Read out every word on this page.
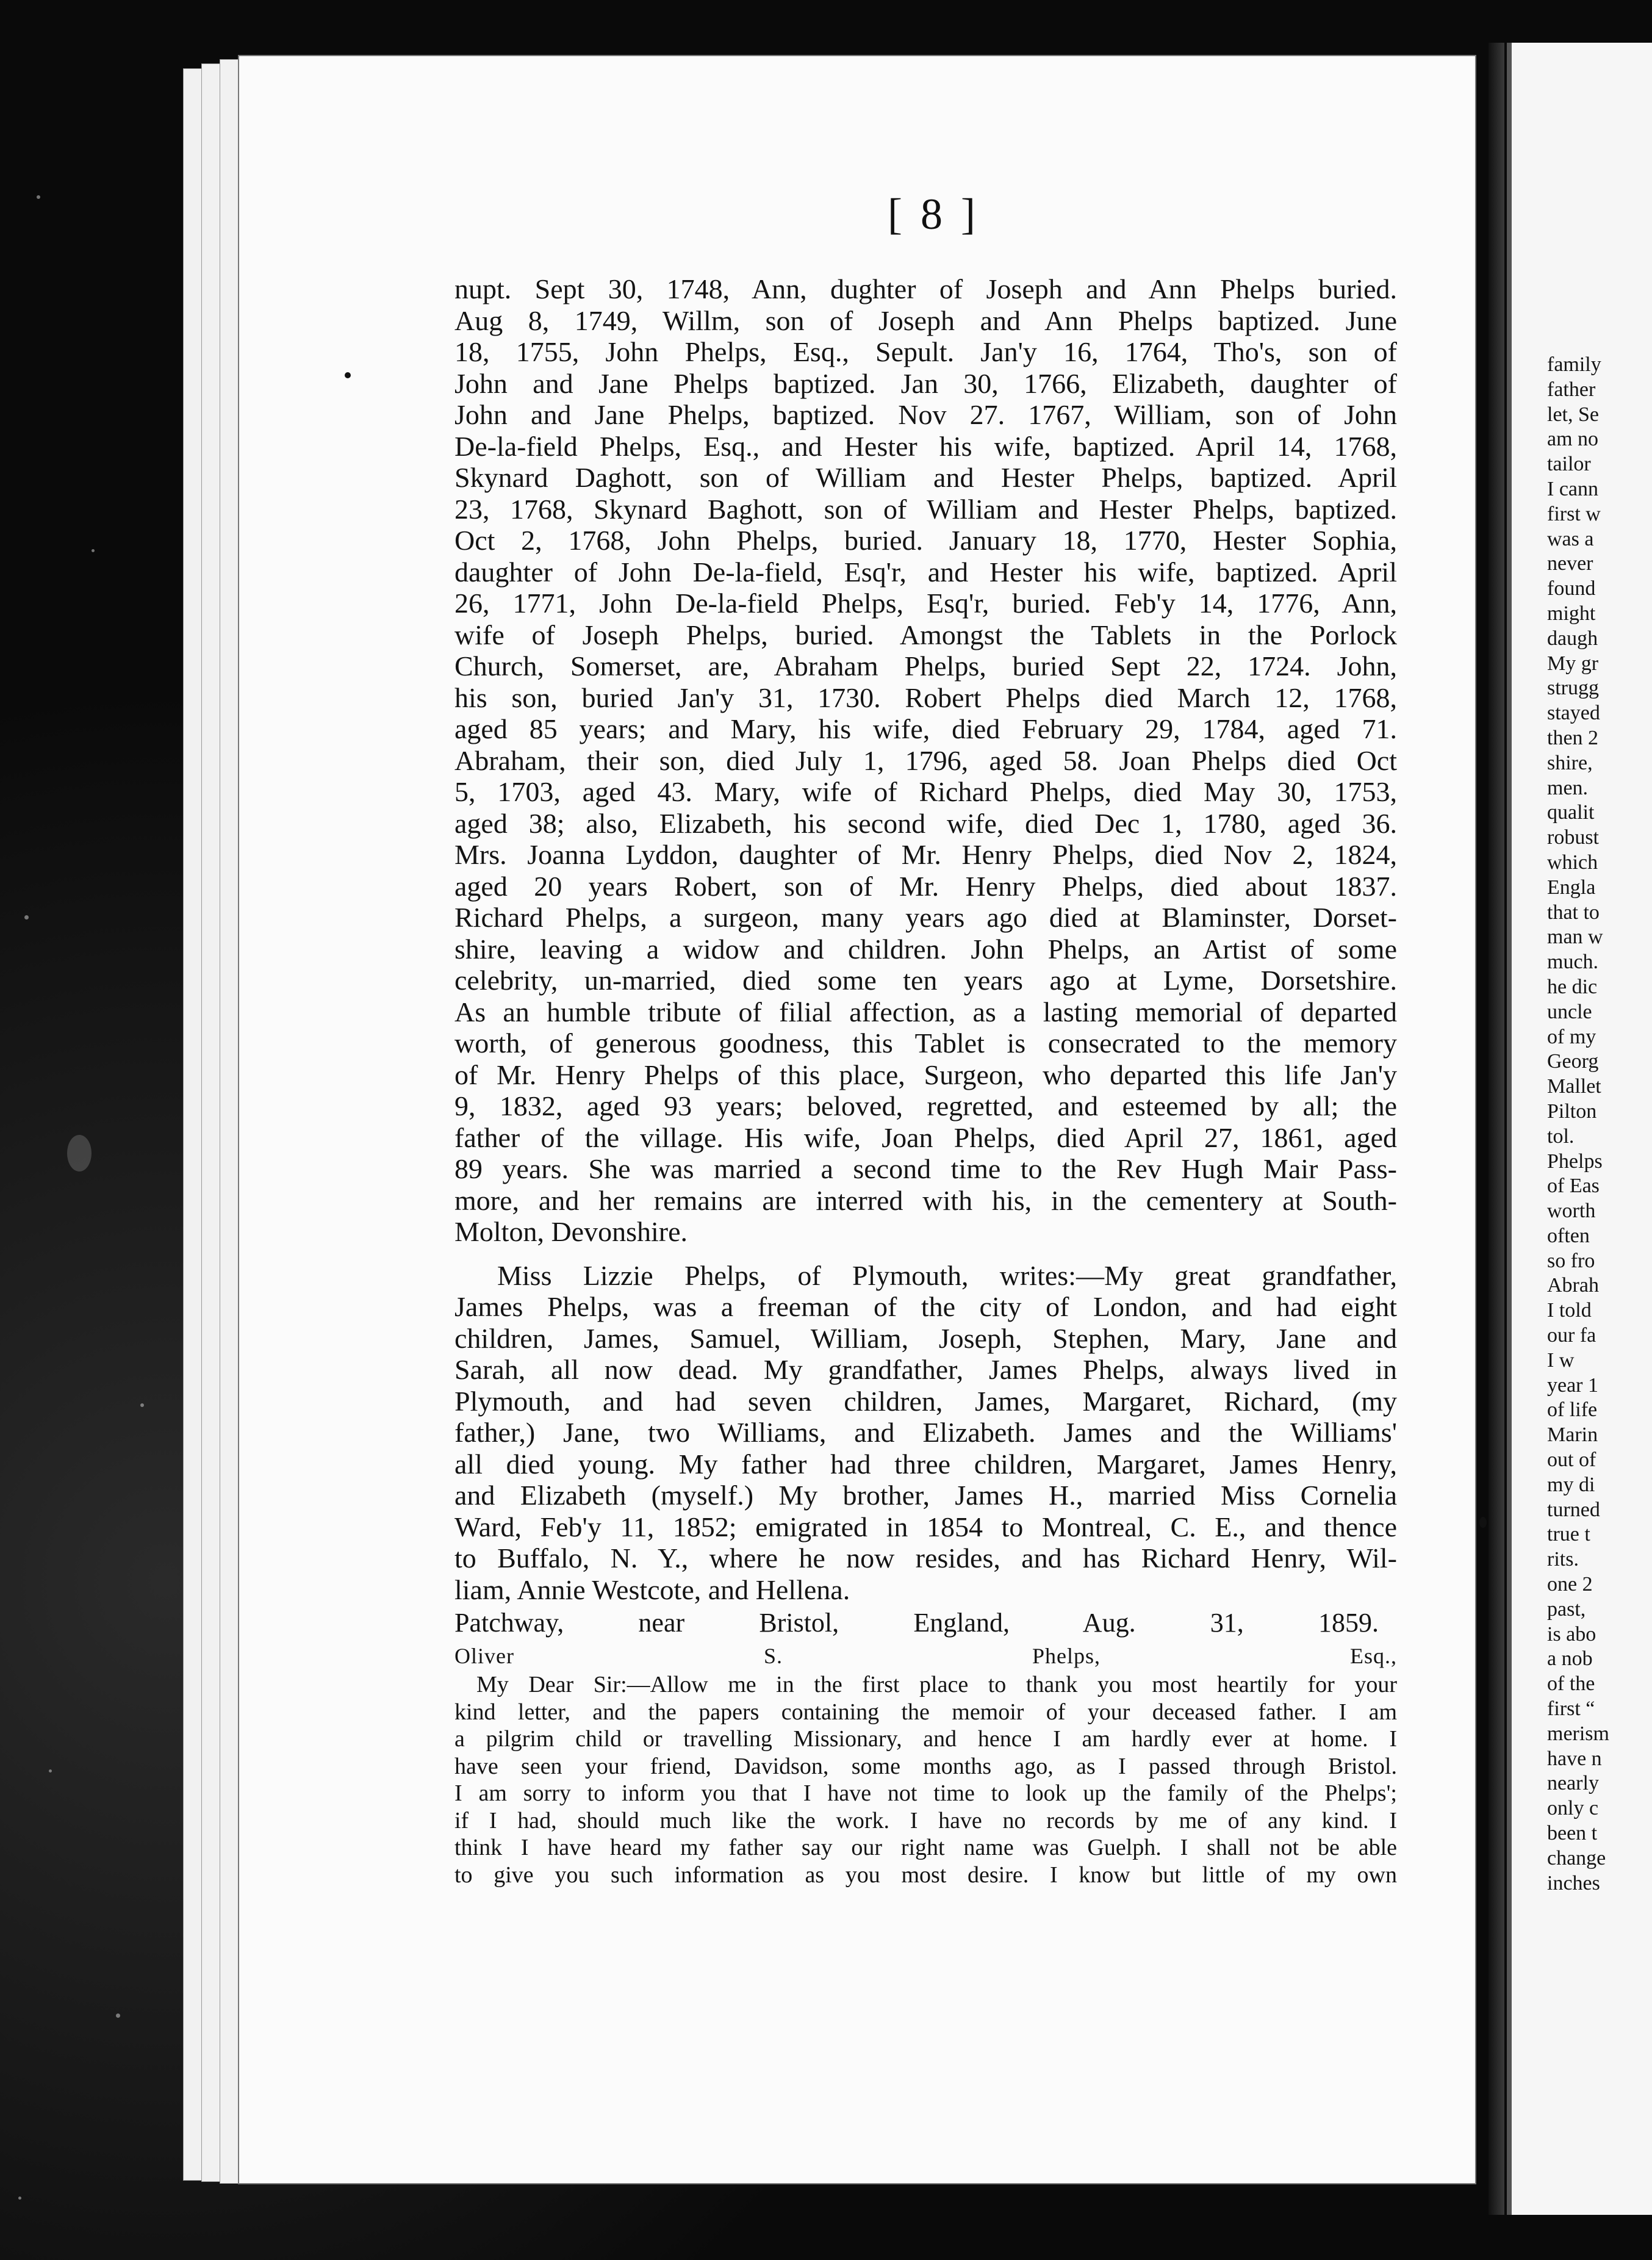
[ 8 ]
nupt. Sept 30, 1748, Ann, dughter of Joseph and Ann Phelps buried.
Aug 8, 1749, Willm, son of Joseph and Ann Phelps baptized. June
18, 1755, John Phelps, Esq., Sepult. Jan'y 16, 1764, Tho's, son of
John and Jane Phelps baptized. Jan 30, 1766, Elizabeth, daughter of
John and Jane Phelps, baptized. Nov 27. 1767, William, son of John
De-la-field Phelps, Esq., and Hester his wife, baptized. April 14, 1768,
Skynard Daghott, son of William and Hester Phelps, baptized. April
23, 1768, Skynard Baghott, son of William and Hester Phelps, baptized.
Oct 2, 1768, John Phelps, buried. January 18, 1770, Hester Sophia,
daughter of John De-la-field, Esq'r, and Hester his wife, baptized. April
26, 1771, John De-la-field Phelps, Esq'r, buried. Feb'y 14, 1776, Ann,
wife of Joseph Phelps, buried. Amongst the Tablets in the Porlock
Church, Somerset, are, Abraham Phelps, buried Sept 22, 1724. John,
his son, buried Jan'y 31, 1730. Robert Phelps died March 12, 1768,
aged 85 years; and Mary, his wife, died February 29, 1784, aged 71.
Abraham, their son, died July 1, 1796, aged 58. Joan Phelps died Oct
5, 1703, aged 43. Mary, wife of Richard Phelps, died May 30, 1753,
aged 38; also, Elizabeth, his second wife, died Dec 1, 1780, aged 36.
Mrs. Joanna Lyddon, daughter of Mr. Henry Phelps, died Nov 2, 1824,
aged 20 years Robert, son of Mr. Henry Phelps, died about 1837.
Richard Phelps, a surgeon, many years ago died at Blaminster, Dorset-
shire, leaving a widow and children. John Phelps, an Artist of some
celebrity, un-married, died some ten years ago at Lyme, Dorsetshire.
As an humble tribute of filial affection, as a lasting memorial of departed
worth, of generous goodness, this Tablet is consecrated to the memory
of Mr. Henry Phelps of this place, Surgeon, who departed this life Jan'y
9, 1832, aged 93 years; beloved, regretted, and esteemed by all; the
father of the village. His wife, Joan Phelps, died April 27, 1861, aged
89 years. She was married a second time to the Rev Hugh Mair Pass-
more, and her remains are interred with his, in the cementery at South-
Molton, Devonshire.
Miss Lizzie Phelps, of Plymouth, writes:—My great grandfather,
James Phelps, was a freeman of the city of London, and had eight
children, James, Samuel, William, Joseph, Stephen, Mary, Jane and
Sarah, all now dead. My grandfather, James Phelps, always lived in
Plymouth, and had seven children, James, Margaret, Richard, (my
father,) Jane, two Williams, and Elizabeth. James and the Williams'
all died young. My father had three children, Margaret, James Henry,
and Elizabeth (myself.) My brother, James H., married Miss Cornelia
Ward, Feb'y 11, 1852; emigrated in 1854 to Montreal, C. E., and thence
to Buffalo, N. Y., where he now resides, and has Richard Henry, Wil-
liam, Annie Westcote, and Hellena.
Patchway, near Bristol, England, Aug. 31, 1859.
Oliver S. Phelps, Esq.,
My Dear Sir:—Allow me in the first place to thank you most heartily for your
kind letter, and the papers containing the memoir of your deceased father. I am
a pilgrim child or travelling Missionary, and hence I am hardly ever at home. I
have seen your friend, Davidson, some months ago, as I passed through Bristol.
I am sorry to inform you that I have not time to look up the family of the Phelps';
if I had, should much like the work. I have no records by me of any kind. I
think I have heard my father say our right name was Guelph. I shall not be able
to give you such information as you most desire. I know but little of my own
family
father
let, Se
am no
tailor
I cann
first w
was a
never
found
might
daugh
My gr
strugg
stayed
then 2
shire,
men.
qualit
robust
which
Engla
that to
man w
much.
he dic
uncle
of my
Georg
Mallet
Pilton
tol.
Phelps
of Eas
worth
often
so fro
Abrah
I told
our fa
I w
year 1
of life
Marin
out of
my di
turned
true t
rits.
one 2
past,
is abo
a nob
of the
first “
merism
have n
nearly
only c
been t
change
inches
